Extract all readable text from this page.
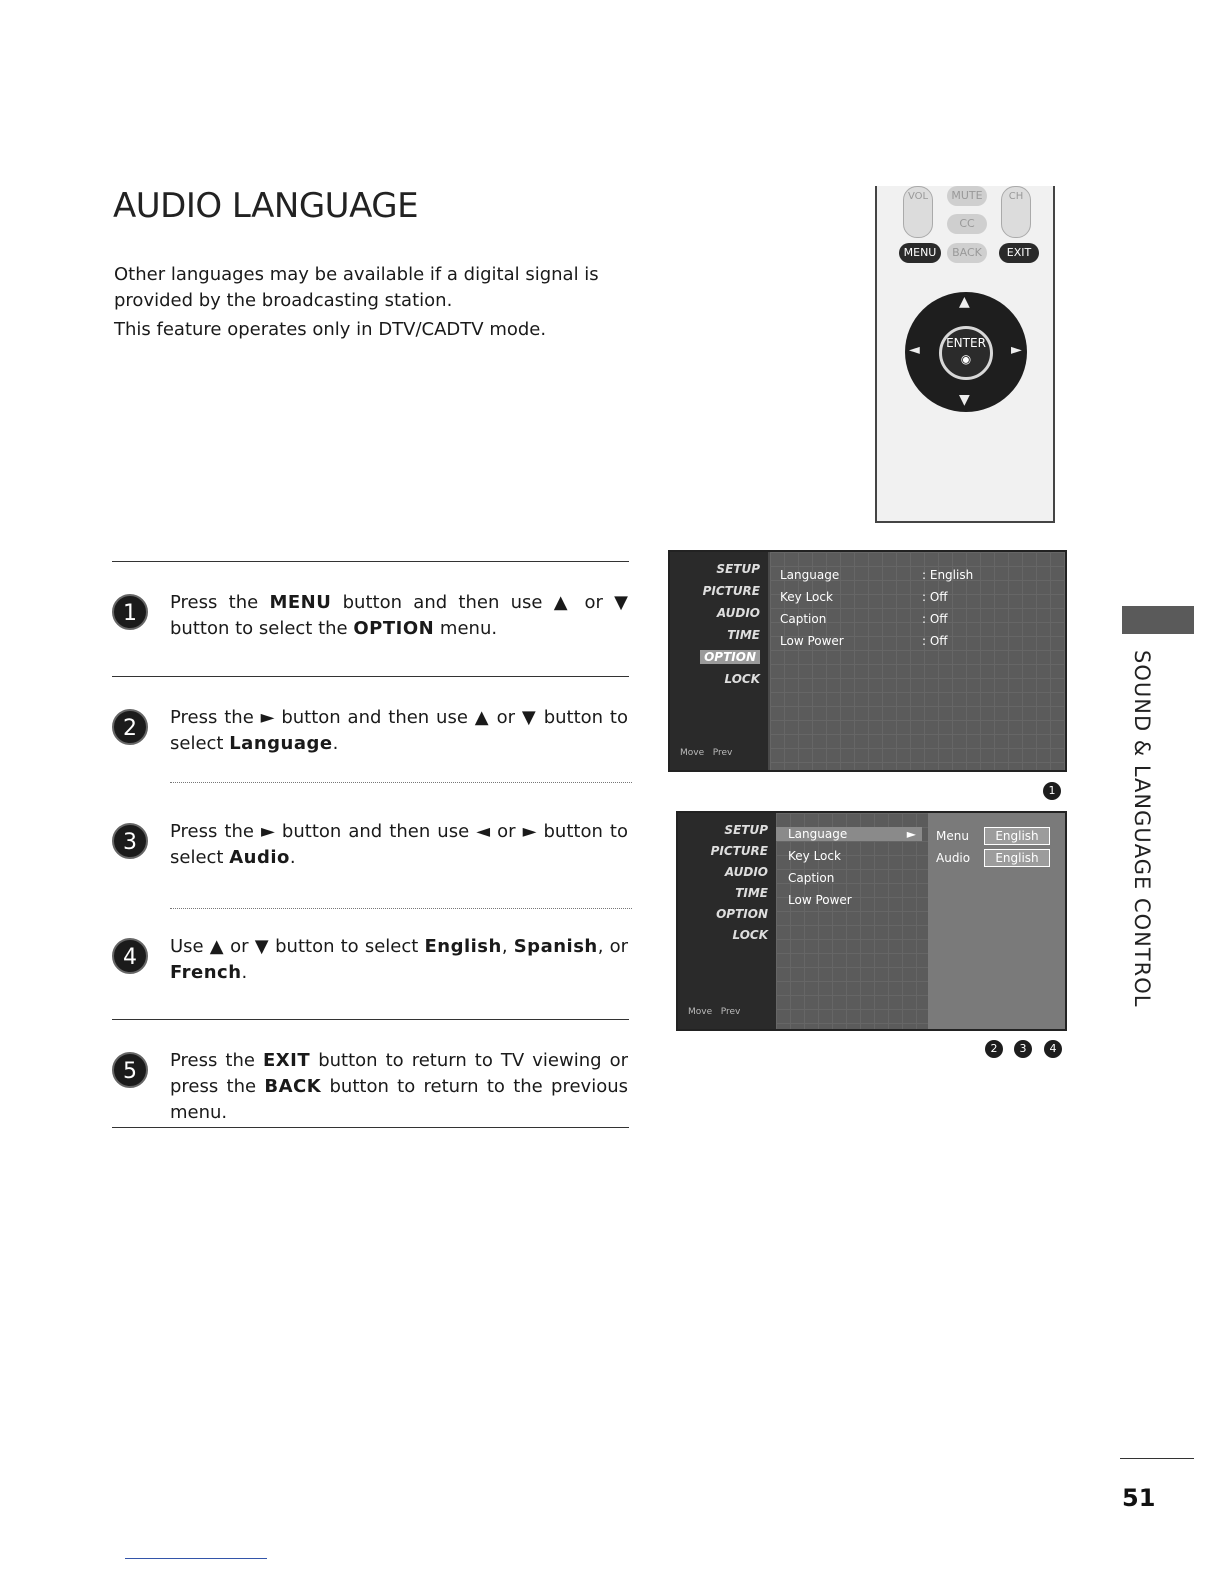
AUDIO LANGUAGE

Other languages may be available if a digital signal is provided by the broadcasting station.

This feature operates only in DTV/CADTV mode.

1	Press the MENU button and then use ▲ or ▼ button to select the OPTION menu.
2	Press the ► button and then use ▲ or ▼ button to select Language.
3	Press the ► button and then use ◄ or ► button to select Audio.
4	Use ▲ or ▼ button to select English, Spanish, or French.
5	Press the EXIT button to return to TV viewing or press the BACK button to return to the previous menu.
VOL	MUTE	CH
CC
MENU	BACK	EXIT
▲
▼
◄	►
ENTER
◉
SETUP
PICTURE
AUDIO
TIME
OPTION
LOCK
Move Prev
Language	: English
Key Lock	: Off
Caption	: Off
Low Power	: Off
1
SETUP
PICTURE
AUDIO
TIME
OPTION
LOCK
Move Prev
Language	►
Key Lock
Caption
Low Power
Menu	English
Audio	English
2	3	4
SOUND & LANGUAGE CONTROL
51
